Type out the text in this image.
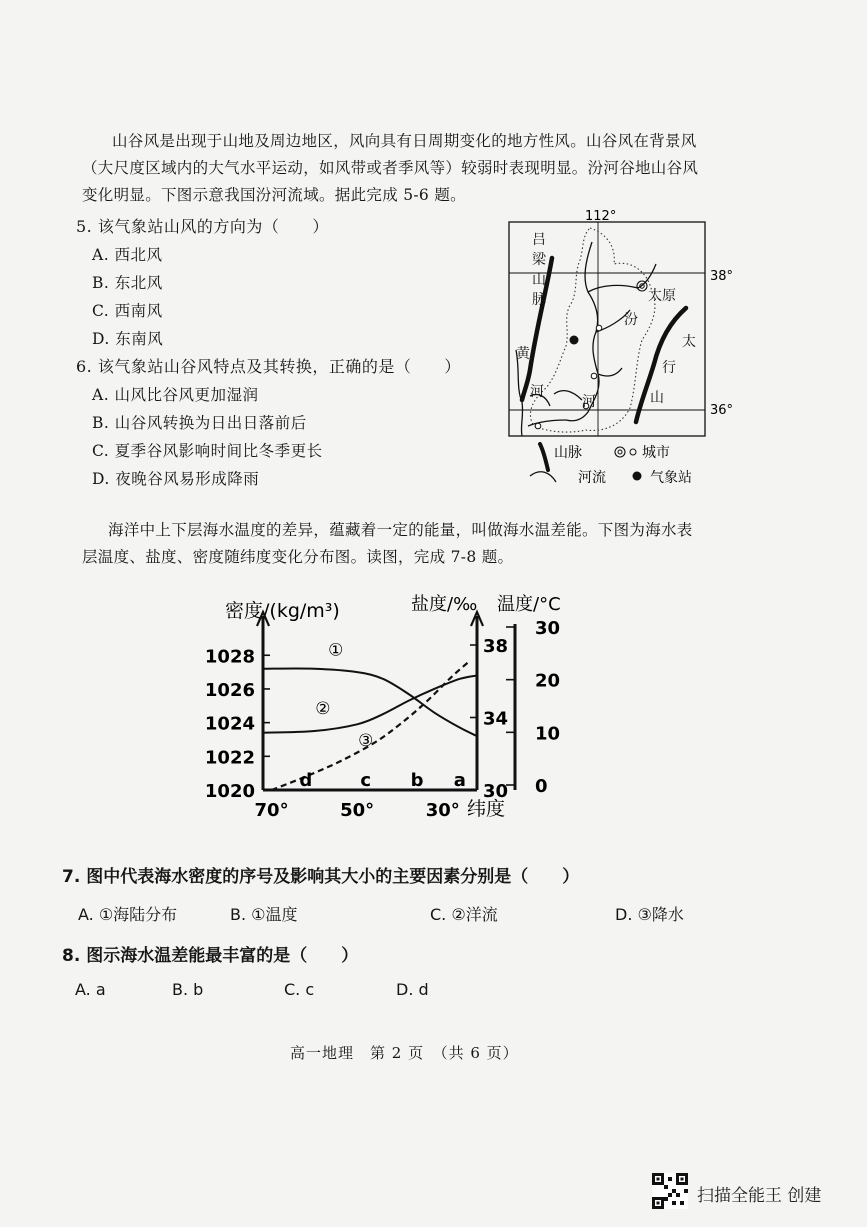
山谷风是出现于山地及周边地区，风向具有日周期变化的地方性风。山谷风在背景风
（大尺度区域内的大气水平运动，如风带或者季风等）较弱时表现明显。汾河谷地山谷风
变化明显。下图示意我国汾河流域。据此完成 5-6 题。
5. 该气象站山风的方向为（　　）
A. 西北风
B. 东北风
C. 西南风
D. 东南风
6. 该气象站山谷风特点及其转换，正确的是（　　）
A. 山风比谷风更加湿润
B. 山谷风转换为日出日落前后
C. 夏季谷风影响时间比冬季更长
D. 夜晚谷风易形成降雨
112°
38°
36°
吕
梁
山
脉	太原
汾
太
行
山
黄
河
河
山脉	城市
河流	气象站
海洋中上下层海水温度的差异，蕴藏着一定的能量，叫做海水温差能。下图为海水表
层温度、盐度、密度随纬度变化分布图。读图，完成 7-8 题。
密度/(kg/m³)	盐度/‰ 温度/°C
纬度
1020
1022
1024
1026
1028
30
34
38
0
10
20
30
70°	50°	30°
①
②
③
d	c b a
7. 图中代表海水密度的序号及影响其大小的主要因素分别是（　　）
A. ①海陆分布	B. ①温度	C. ②洋流	D. ③降水
8. 图示海水温差能最丰富的是（　　）
A. a	B. b	C. c	D. d
高一地理　第 2 页　（共 6 页）
扫描全能王 创建
